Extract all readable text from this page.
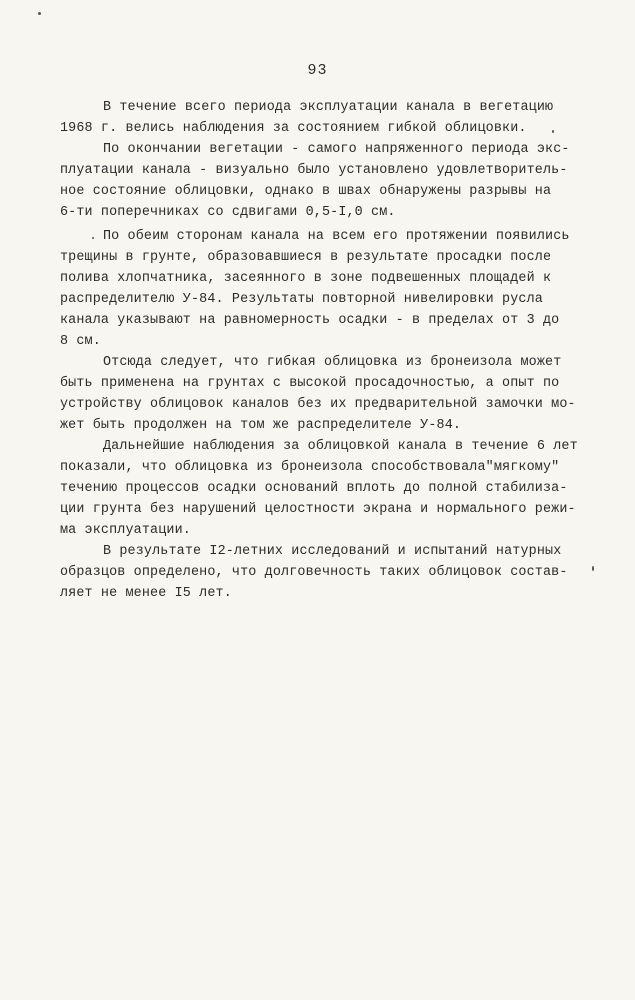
93
В течение всего периода эксплуатации канала в вегетацию
1968 г. велись наблюдения за состоянием гибкой облицовки.
По окончании вегетации - самого напряженного периода экс-
плуатации канала - визуально было установлено удовлетворитель-
ное состояние облицовки, однако в швах обнаружены разрывы на
6-ти поперечниках со сдвигами 0,5-I,0 см.
По обеим сторонам канала на всем его протяжении появились
трещины в грунте, образовавшиеся в результате просадки после
полива хлопчатника, засеянного в зоне подвешенных площадей к
распределителю У-84. Результаты повторной нивелировки русла
канала указывают на равномерность осадки - в пределах от 3 до
8 см.
Отсюда следует, что гибкая облицовка из бронеизола может
быть применена на грунтах с высокой просадочностью, а опыт по
устройству облицовок каналов без их предварительной замочки мо-
жет быть продолжен на том же распределителе У-84.
Дальнейшие наблюдения за облицовкой канала в течение 6 лет
показали, что облицовка из бронеизола способствовала"мягкому"
течению процессов осадки оснований вплоть до полной стабилиза-
ции грунта без нарушений целостности экрана и нормального режи-
ма эксплуатации.
В результате I2-летних исследований и испытаний натурных
образцов определено, что долговечность таких облицовок состав-
ляет не менее I5 лет.
